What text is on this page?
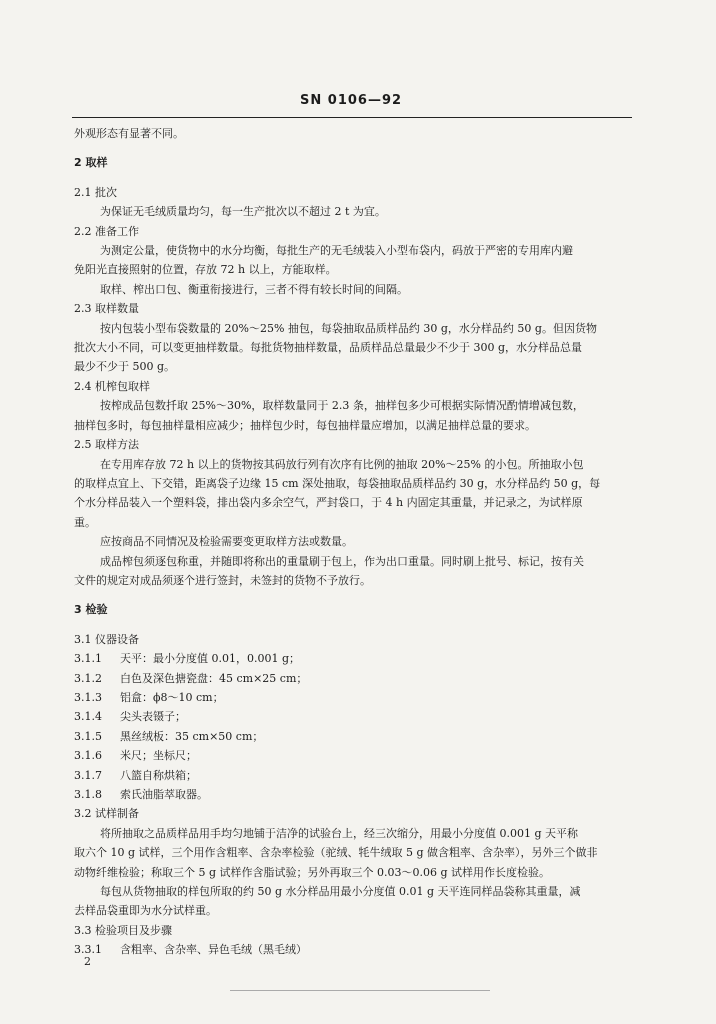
SN 0106—92
外观形态有显著不同。
2 取样
2.1 批次
为保证无毛绒质量均匀，每一生产批次以不超过 2 t 为宜。
2.2 准备工作
为测定公量，使货物中的水分均衡，每批生产的无毛绒装入小型布袋内，码放于严密的专用库内避
免阳光直接照射的位置，存放 72 h 以上，方能取样。
取样、榨出口包、衡重衔接进行，三者不得有较长时间的间隔。
2.3 取样数量
按内包装小型布袋数量的 20%～25% 抽包，每袋抽取品质样品约 30 g，水分样品约 50 g。但因货物
批次大小不同，可以变更抽样数量。每批货物抽样数量，品质样品总量最少不少于 300 g，水分样品总量
最少不少于 500 g。
2.4 机榨包取样
按榨成品包数扦取 25%～30%，取样数量同于 2.3 条，抽样包多少可根据实际情况酌情增减包数，
抽样包多时，每包抽样量相应减少；抽样包少时，每包抽样量应增加，以满足抽样总量的要求。
2.5 取样方法
在专用库存放 72 h 以上的货物按其码放行列有次序有比例的抽取 20%～25% 的小包。所抽取小包
的取样点宜上、下交错，距离袋子边缘 15 cm 深处抽取，每袋抽取品质样品约 30 g，水分样品约 50 g，每
个水分样品装入一个塑料袋，排出袋内多余空气，严封袋口，于 4 h 内固定其重量，并记录之，为试样原
重。
应按商品不同情况及检验需要变更取样方法或数量。
成品榨包须逐包称重，并随即将称出的重量刷于包上，作为出口重量。同时刷上批号、标记，按有关
文件的规定对成品须逐个进行签封，未签封的货物不予放行。
3 检验
3.1 仪器设备
3.1.1 天平：最小分度值 0.01，0.001 g；
3.1.2 白色及深色搪瓷盘：45 cm×25 cm；
3.1.3 铝盒：ϕ8～10 cm；
3.1.4 尖头表镊子；
3.1.5 黑丝绒板：35 cm×50 cm；
3.1.6 米尺；坐标尺；
3.1.7 八篮自称烘箱；
3.1.8 索氏油脂萃取器。
3.2 试样制备
将所抽取之品质样品用手均匀地铺于洁净的试验台上，经三次缩分，用最小分度值 0.001 g 天平称
取六个 10 g 试样，三个用作含粗率、含杂率检验（驼绒、牦牛绒取 5 g 做含粗率、含杂率），另外三个做非
动物纤维检验；称取三个 5 g 试样作含脂试验；另外再取三个 0.03～0.06 g 试样用作长度检验。
每包从货物抽取的样包所取的约 50 g 水分样品用最小分度值 0.01 g 天平连同样品袋称其重量，减
去样品袋重即为水分试样重。
3.3 检验项目及步骤
3.3.1 含粗率、含杂率、异色毛绒（黑毛绒）
2
